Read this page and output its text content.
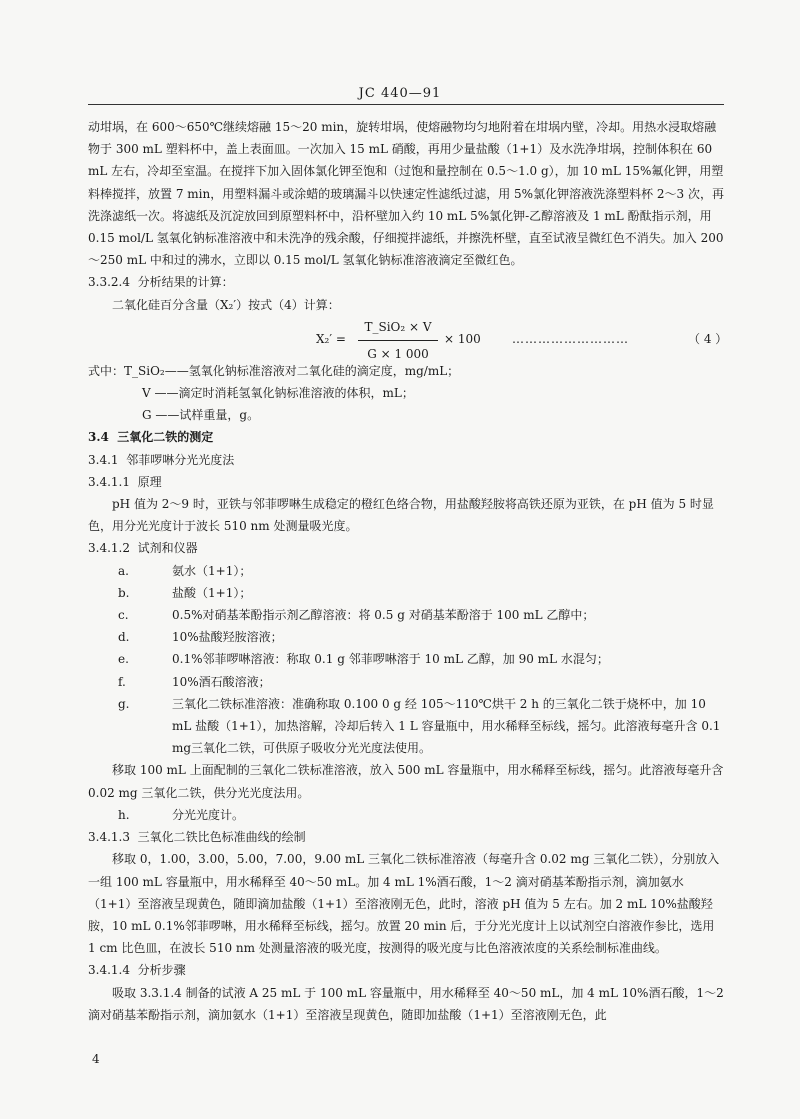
JC 440—91

动坩埚，在 600～650℃继续熔融 15～20 min，旋转坩埚，使熔融物均匀地附着在坩埚内壁，冷却。用热水浸取熔融物于 300 mL 塑料杯中，盖上表面皿。一次加入 15 mL 硝酸，再用少量盐酸（1+1）及水洗净坩埚，控制体积在 60 mL 左右，冷却至室温。在搅拌下加入固体氯化钾至饱和（过饱和量控制在 0.5～1.0 g），加 10 mL 15%氟化钾，用塑料棒搅拌，放置 7 min，用塑料漏斗或涂蜡的玻璃漏斗以快速定性滤纸过滤，用 5%氯化钾溶液洗涤塑料杯 2～3 次，再洗涤滤纸一次。将滤纸及沉淀放回到原塑料杯中，沿杯壁加入约 10 mL 5%氯化钾-乙醇溶液及 1 mL 酚酞指示剂，用 0.15 mol/L 氢氧化钠标准溶液中和未洗净的残余酸，仔细搅拌滤纸，并擦洗杯壁，直至试液呈微红色不消失。加入 200～250 mL 中和过的沸水，立即以 0.15 mol/L 氢氧化钠标准溶液滴定至微红色。

3.3.2.4 分析结果的计算：

二氧化硅百分含量（X₂′）按式（4）计算：

X₂′ =
T_SiO₂ × V
G × 1 000
× 100	………………………	（ 4 ）

式中：T_SiO₂——氢氧化钠标准溶液对二氧化硅的滴定度，mg/mL；

V ——滴定时消耗氢氧化钠标准溶液的体积，mL；

G ——试样重量，g。

3.4 三氧化二铁的测定

3.4.1 邻菲啰啉分光光度法

3.4.1.1 原理

pH 值为 2～9 时，亚铁与邻菲啰啉生成稳定的橙红色络合物，用盐酸羟胺将高铁还原为亚铁，在 pH 值为 5 时显色，用分光光度计于波长 510 nm 处测量吸光度。

3.4.1.2 试剂和仪器

a.	氨水（1+1）；
b.	盐酸（1+1）；
c.	0.5%对硝基苯酚指示剂乙醇溶液：将 0.5 g 对硝基苯酚溶于 100 mL 乙醇中；
d.	10%盐酸羟胺溶液；
e.	0.1%邻菲啰啉溶液：称取 0.1 g 邻菲啰啉溶于 10 mL 乙醇，加 90 mL 水混匀；
f.	10%酒石酸溶液；
g.	三氧化二铁标准溶液：准确称取 0.100 0 g 经 105～110℃烘干 2 h 的三氧化二铁于烧杯中，加 10 mL 盐酸（1+1），加热溶解，冷却后转入 1 L 容量瓶中，用水稀释至标线，摇匀。此溶液每毫升含 0.1 mg三氧化二铁，可供原子吸收分光光度法使用。

移取 100 mL 上面配制的三氧化二铁标准溶液，放入 500 mL 容量瓶中，用水稀释至标线，摇匀。此溶液每毫升含 0.02 mg 三氧化二铁，供分光光度法用。

h.	分光光度计。

3.4.1.3 三氧化二铁比色标准曲线的绘制

移取 0，1.00，3.00，5.00，7.00，9.00 mL 三氧化二铁标准溶液（每毫升含 0.02 mg 三氧化二铁），分别放入一组 100 mL 容量瓶中，用水稀释至 40～50 mL。加 4 mL 1%酒石酸，1～2 滴对硝基苯酚指示剂，滴加氨水（1+1）至溶液呈现黄色，随即滴加盐酸（1+1）至溶液刚无色，此时，溶液 pH 值为 5 左右。加 2 mL 10%盐酸羟胺，10 mL 0.1%邻菲啰啉，用水稀释至标线，摇匀。放置 20 min 后，于分光光度计上以试剂空白溶液作参比，选用 1 cm 比色皿，在波长 510 nm 处测量溶液的吸光度，按测得的吸光度与比色溶液浓度的关系绘制标准曲线。

3.4.1.4 分析步骤

吸取 3.3.1.4 制备的试液 A 25 mL 于 100 mL 容量瓶中，用水稀释至 40～50 mL，加 4 mL 10%酒石酸，1～2 滴对硝基苯酚指示剂，滴加氨水（1+1）至溶液呈现黄色，随即加盐酸（1+1）至溶液刚无色，此

4
